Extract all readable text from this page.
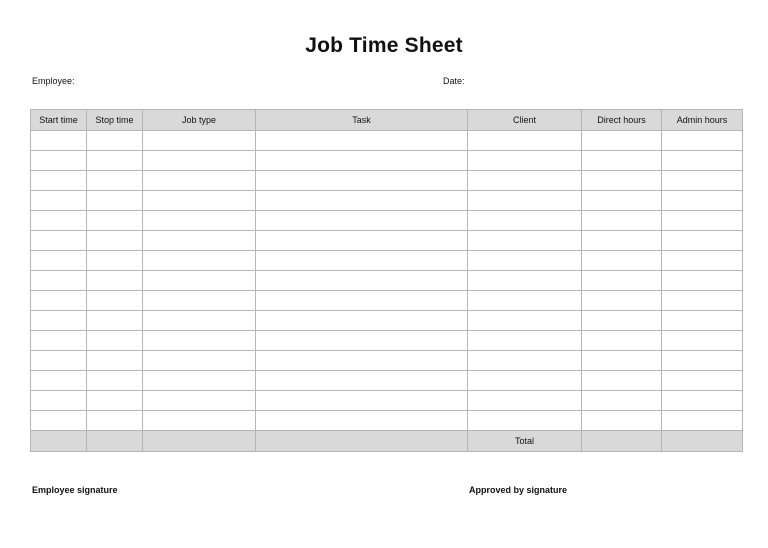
Job Time Sheet
Employee:	Date:
Start time	Stop time	Job type	Task	Client	Direct hours	Admin hours

				Total		
Employee signature	Approved by signature
